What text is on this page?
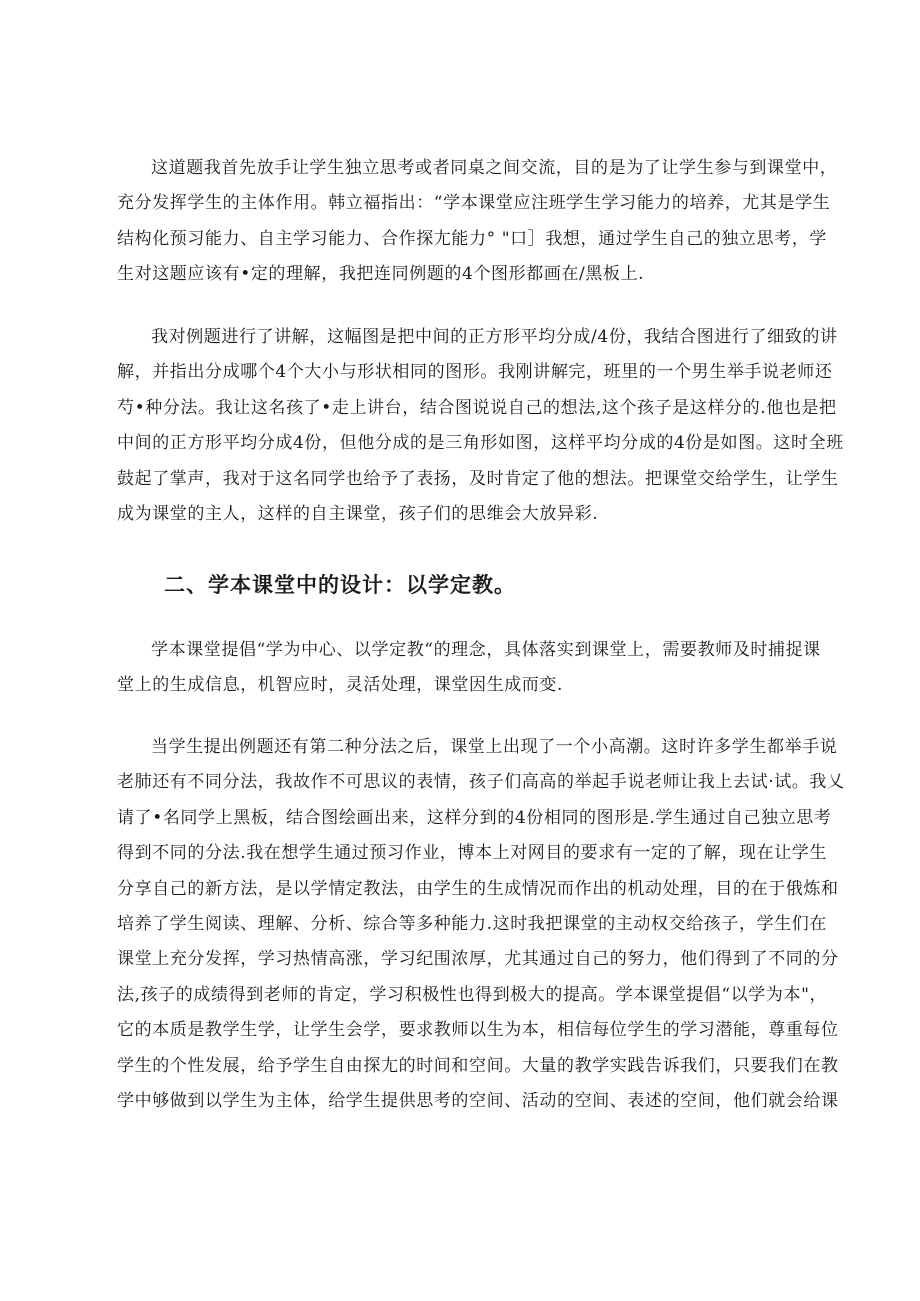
这道题我首先放手让学生独立思考或者同桌之间交流，目的是为了让学生参与到课堂中，
充分发挥学生的主体作用。韩立福指出：“学本课堂应注班学生学习能力的培养，尤其是学生
结构化预习能力、自主学习能力、合作探尢能力° "口］我想，通过学生自己的独立思考，学
生对这题应该有•定的理解，我把连同例题的4个图形都画在/黑板上.
我对例题进行了讲解，这幅图是把中间的正方形平均分成/4份，我结合图进行了细致的讲
解，并指出分成哪个4个大小与形状相同的图形。我刚讲解完，班里的一个男生举手说老师还
芍•种分法。我让这名孩了•走上讲台，结合图说说自己的想法,这个孩子是这样分的.他也是把
中间的正方形平均分成4份，但他分成的是三角形如图，这样平均分成的4份是如图。这时全班
鼓起了掌声，我对于这名同学也给予了表扬，及时肯定了他的想法。把课堂交给学生，让学生
成为课堂的主人，这样的自主课堂，孩子们的思维会大放异彩.
二、学本课堂中的设计：以学定教。
学本课堂提倡“学为中心、以学定教“的理念，具体落实到课堂上，需要教师及时捕捉课
堂上的生成信息，机智应时，灵活处理，课堂因生成而变.
当学生提出例题还有第二种分法之后，课堂上出现了一个小高潮。这时许多学生都举手说
老肺还有不同分法，我故作不可思议的表情，孩子们高高的举起手说老师让我上去试·试。我乂
请了•名同学上黑板，结合图绘画出来，这样分到的4份相同的图形是.学生通过自己独立思考
得到不同的分法.我在想学生通过预习作业，博本上对网目的要求有一定的了解，现在让学生
分享自己的新方法，是以学情定教法，由学生的生成情况而作出的机动处理，目的在于俄炼和
培养了学生阅读、理解、分析、综合等多种能力.这时我把课堂的主动权交给孩子，学生们在
课堂上充分发挥，学习热情高涨，学习纪围浓厚，尤其通过自己的努力，他们得到了不同的分
法,孩子的成绩得到老师的肯定，学习积极性也得到极大的提高。学本课堂提倡“以学为本"，
它的本质是教学生学，让学生会学，要求教师以生为本，相信每位学生的学习潜能，尊重每位
学生的个性发展，给予学生自由探尢的时间和空间。大量的教学实践告诉我们，只要我们在教
学中够做到以学生为主体，给学生提供思考的空间、活动的空间、表述的空间，他们就会给课
